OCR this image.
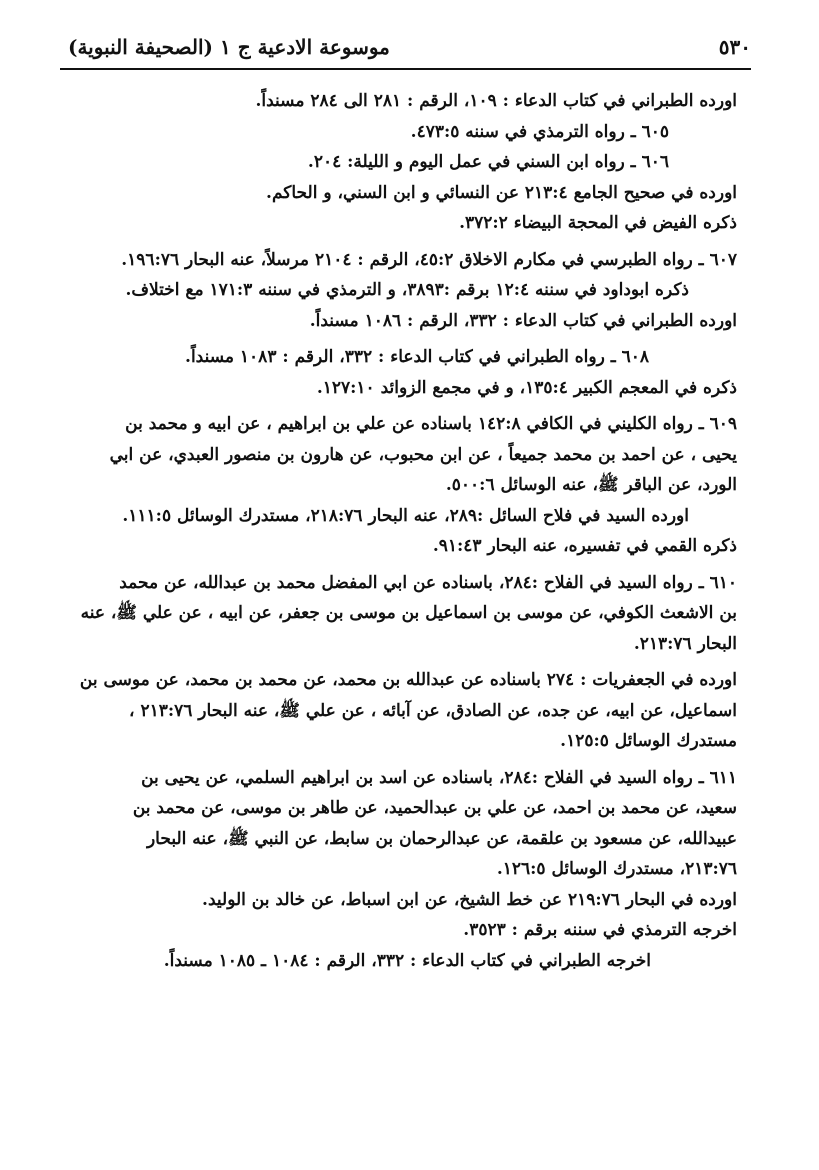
٥٣٠
موسوعة الادعية ج ١ (الصحيفة النبوية)

اورده الطبراني في كتاب الدعاء : ١٠٩، الرقم : ٢٨١ الى ٢٨٤ مسنداً.

٦٠٥ ـ رواه الترمذي في سننه ٤٧٣:٥.

٦٠٦ ـ رواه ابن السني في عمل اليوم و الليلة: ٢٠٤.

اورده في صحيح الجامع ٢١٣:٤ عن النسائي و ابن السني، و الحاكم.

ذكره الفيض في المحجة البيضاء ٣٧٢:٢.

٦٠٧ ـ رواه الطبرسي في مكارم الاخلاق ٤٥:٢، الرقم : ٢١٠٤ مرسلاً، عنه البحار ١٩٦:٧٦.

ذكره ابوداود في سننه ١٢:٤ برقم :٣٨٩٣، و الترمذي في سننه ١٧١:٣ مع اختلاف.

اورده الطبراني في كتاب الدعاء : ٣٣٢، الرقم : ١٠٨٦ مسنداً.

٦٠٨ ـ رواه الطبراني في كتاب الدعاء : ٣٣٢، الرقم : ١٠٨٣ مسنداً.

ذكره في المعجم الكبير ١٣٥:٤، و في مجمع الزوائد ١٢٧:١٠.

٦٠٩ ـ رواه الكليني في الكافي ١٤٢:٨ باسناده عن علي بن ابراهيم ، عن ابيه و محمد بن

يحيى ، عن احمد بن محمد جميعاً ، عن ابن محبوب، عن هارون بن منصور العبدي، عن ابي

الورد، عن الباقر ﷺ، عنه الوسائل ٥٠٠:٦.

اورده السيد في فلاح السائل :٢٨٩، عنه البحار ٢١٨:٧٦، مستدرك الوسائل ١١١:٥.

ذكره القمي في تفسيره، عنه البحار ٩١:٤٣.

٦١٠ ـ رواه السيد في الفلاح :٢٨٤، باسناده عن ابي المفضل محمد بن عبدالله، عن محمد

بن الاشعث الكوفي، عن موسى بن اسماعيل بن موسى بن جعفر، عن ابيه ، عن علي ﷺ، عنه

البحار ٢١٣:٧٦.

اورده في الجعفريات : ٢٧٤ باسناده عن عبدالله بن محمد، عن محمد بن محمد، عن موسى بن

اسماعيل، عن ابيه، عن جده، عن الصادق، عن آبائه ، عن علي ﷺ، عنه البحار ٢١٣:٧٦ ،

مستدرك الوسائل ١٢٥:٥.

٦١١ ـ رواه السيد في الفلاح :٢٨٤، باسناده عن اسد بن ابراهيم السلمي، عن يحيى بن

سعيد، عن محمد بن احمد، عن علي بن عبدالحميد، عن طاهر بن موسى، عن محمد بن

عبيدالله، عن مسعود بن علقمة، عن عبدالرحمان بن سابط، عن النبي ﷺ، عنه البحار

٢١٣:٧٦، مستدرك الوسائل ١٢٦:٥.

اورده في البحار ٢١٩:٧٦ عن خط الشيخ، عن ابن اسباط، عن خالد بن الوليد.

اخرجه الترمذي في سننه برقم : ٣٥٢٣.

اخرجه الطبراني في كتاب الدعاء : ٣٣٢، الرقم : ١٠٨٤ ـ ١٠٨٥ مسنداً.
